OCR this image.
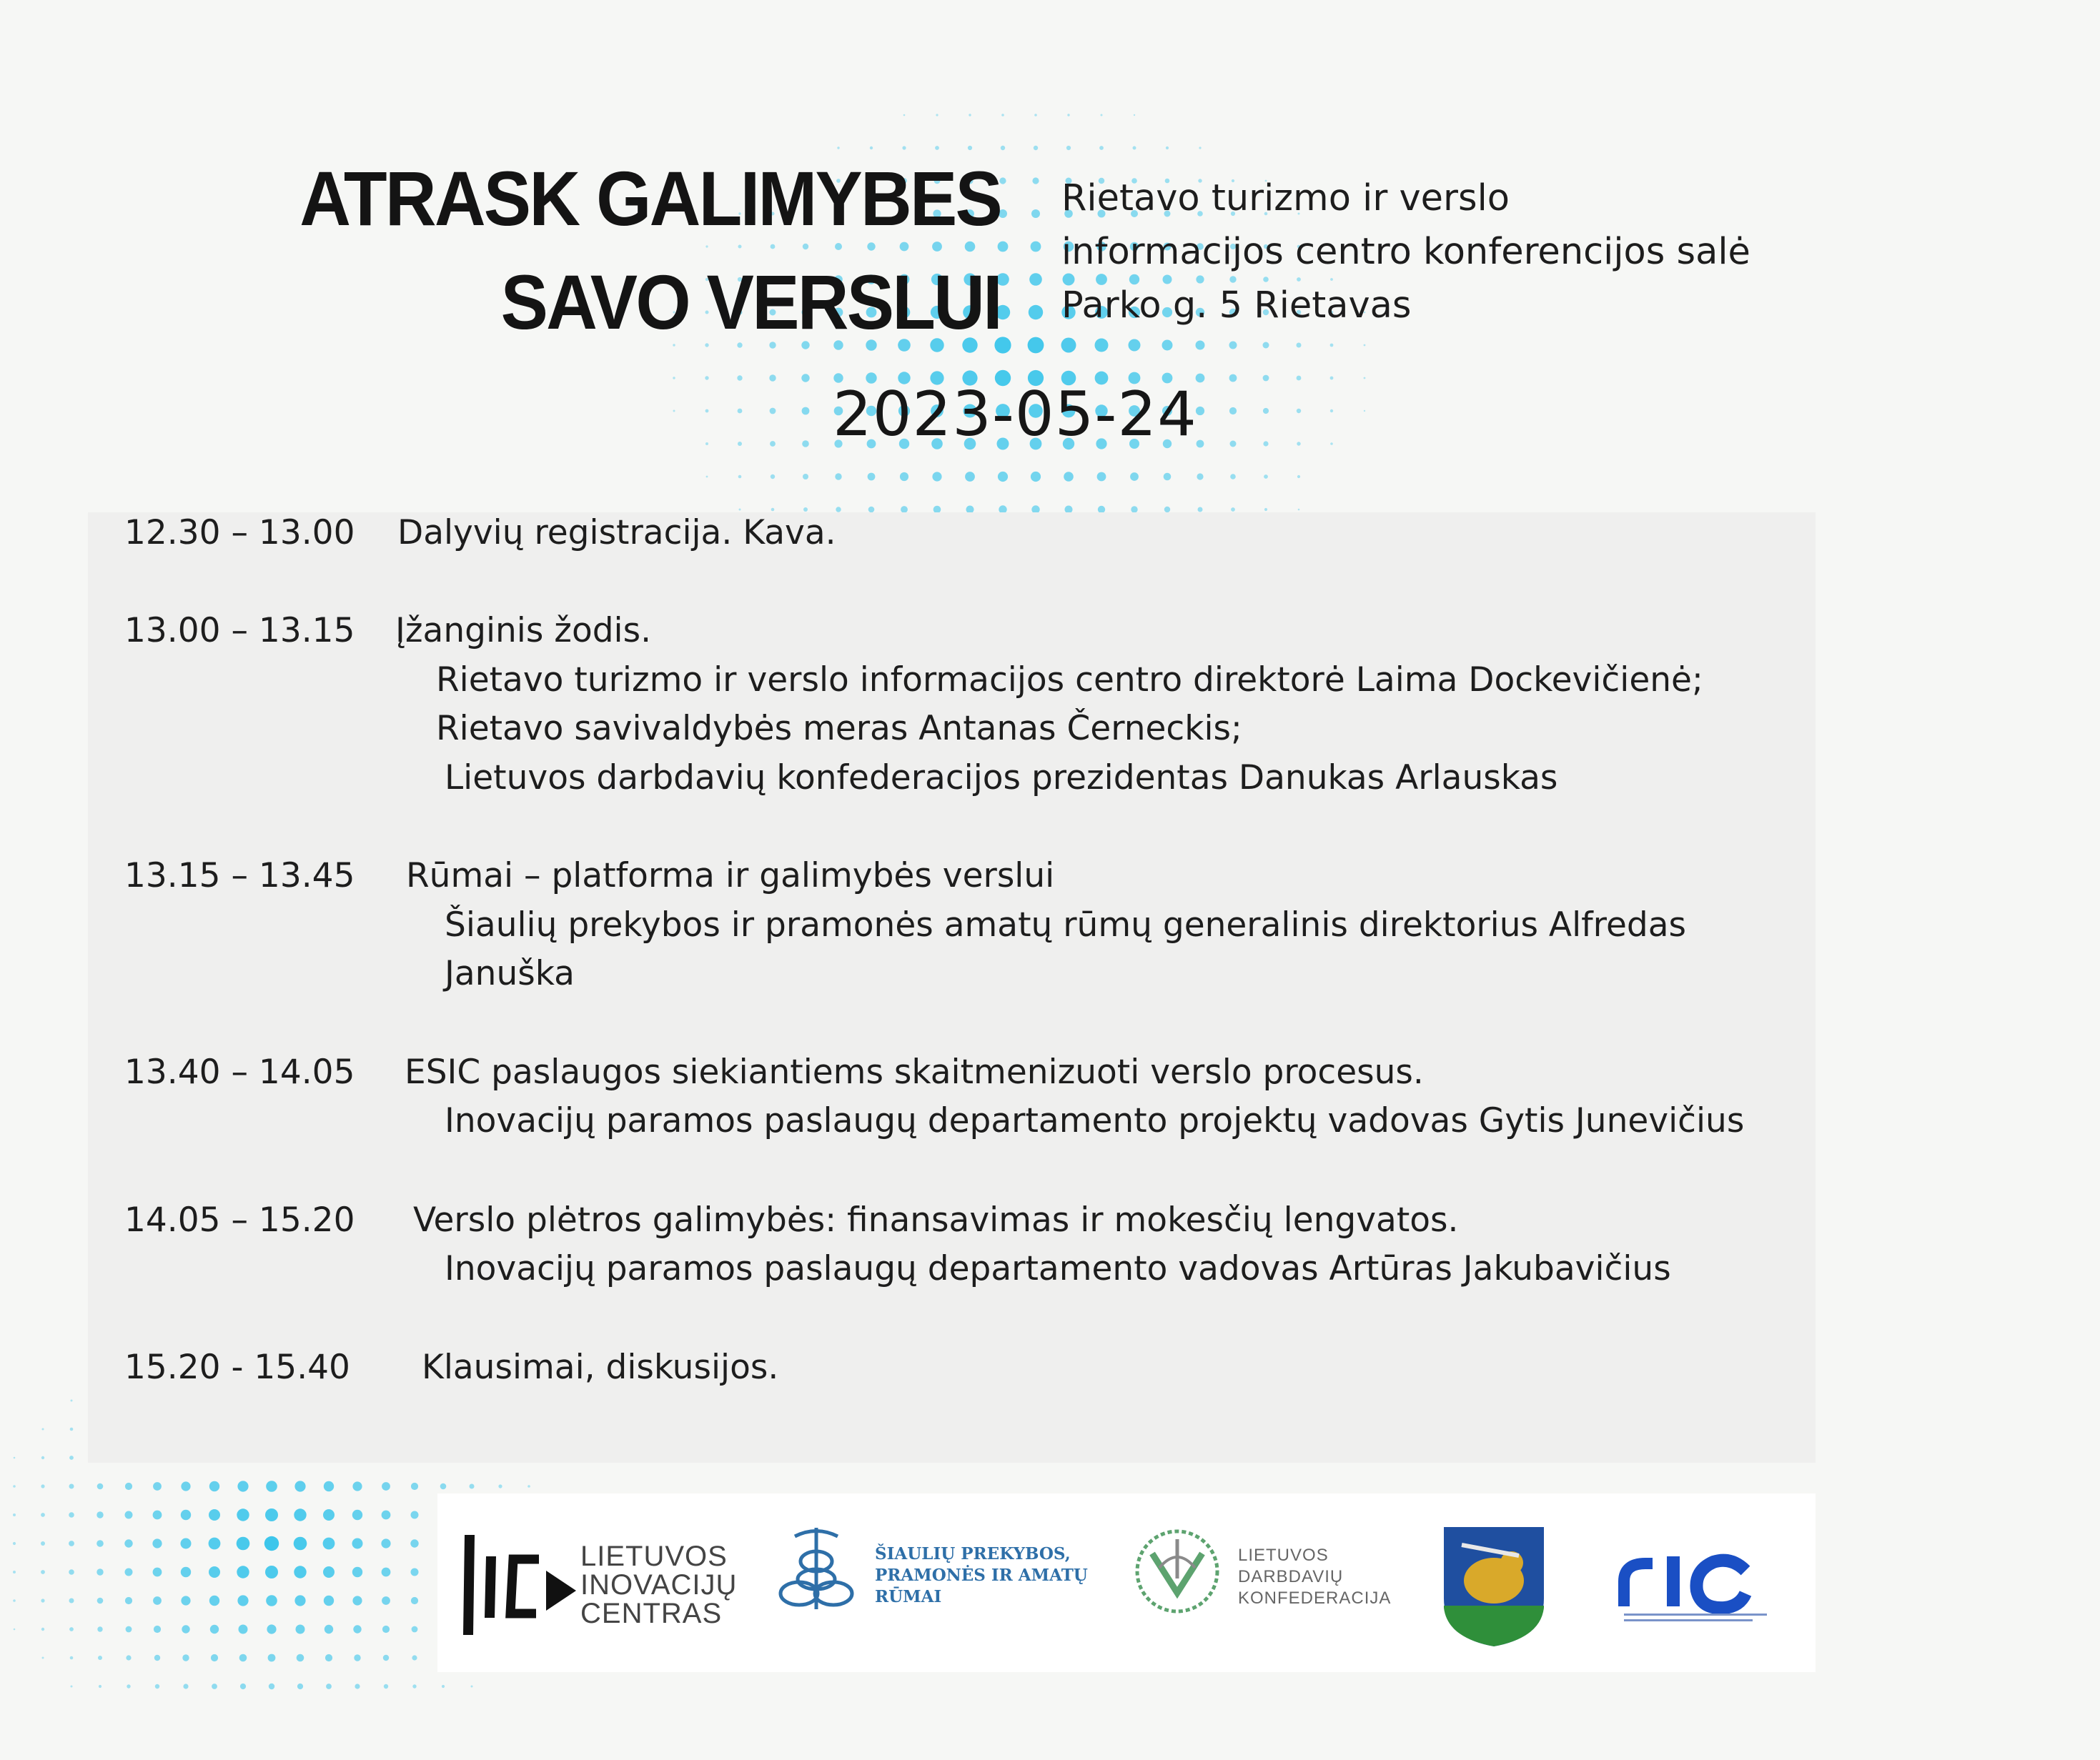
ATRASK GALIMYBES
SAVO VERSLUI
Rietavo turizmo ir verslo
informacijos centro konferencijos salė
Parko g. 5 Rietavas
2023-05-24
12.30 – 13.00 Dalyvių registracija. Kava.
13.00 – 13.15 Įžanginis žodis.
Rietavo turizmo ir verslo informacijos centro direktorė Laima Dockevičienė;
Rietavo savivaldybės meras Antanas Černeckis;
Lietuvos darbdavių konfederacijos prezidentas Danukas Arlauskas
13.15 – 13.45 Rūmai – platforma ir galimybės verslui
Šiaulių prekybos ir pramonės amatų rūmų generalinis direktorius Alfredas
Januška
13.40 – 14.05 ESIC paslaugos siekiantiems skaitmenizuoti verslo procesus.
Inovacijų paramos paslaugų departamento projektų vadovas Gytis Junevičius
14.05 – 15.20 Verslo plėtros galimybės: finansavimas ir mokesčių lengvatos.
Inovacijų paramos paslaugų departamento vadovas Artūras Jakubavičius
15.20 - 15.40 Klausimai, diskusijos.
LIETUVOS
INOVACIJŲ
CENTRAS
ŠIAULIŲ PREKYBOS,
PRAMONĖS IR AMATŲ
RŪMAI
LIETUVOS
DARBDAVIŲ
KONFEDERACIJA
